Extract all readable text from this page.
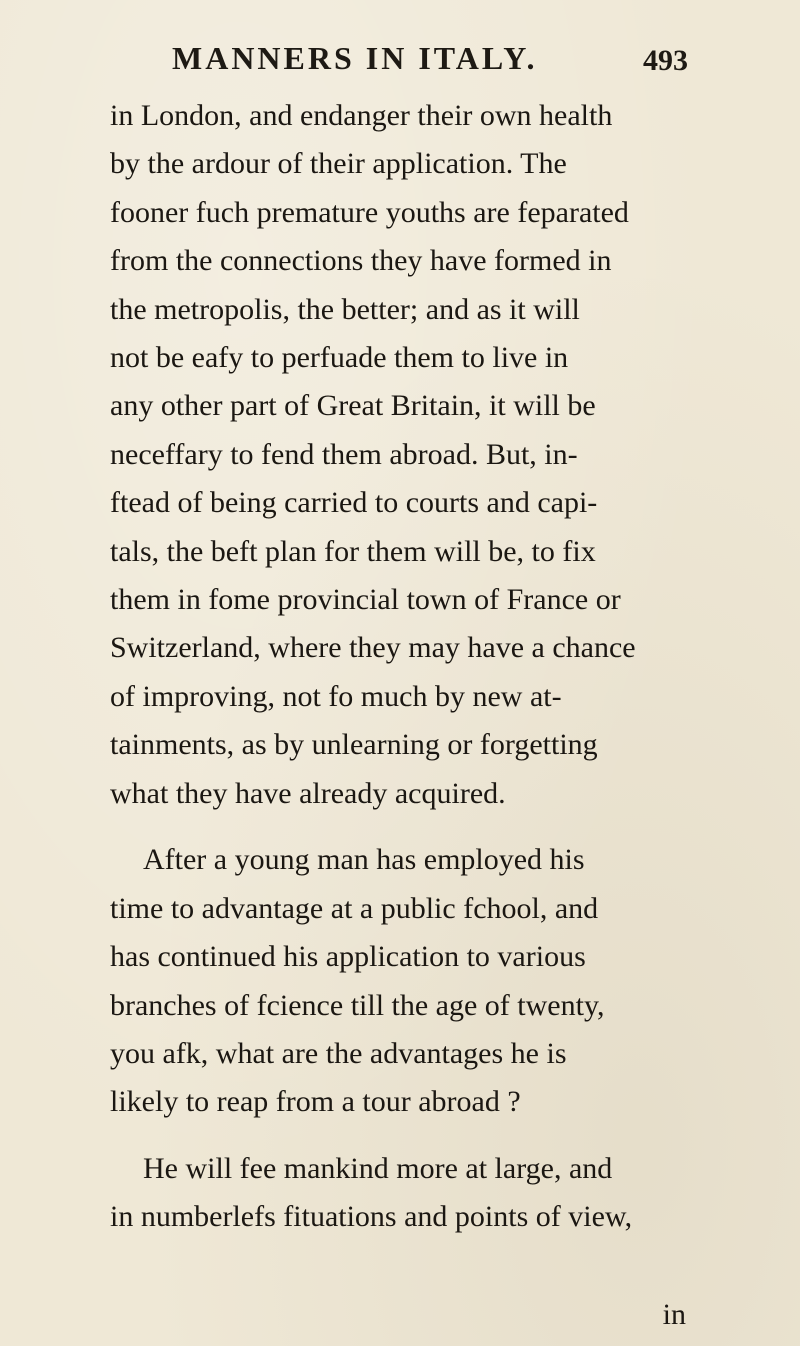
MANNERS IN ITALY.	493
in London, and endanger their own health
by the ardour of their application. The
fooner fuch premature youths are feparated
from the connections they have formed in
the metropolis, the better; and as it will
not be eafy to perfuade them to live in
any other part of Great Britain, it will be
neceffary to fend them abroad. But, in-
ftead of being carried to courts and capi-
tals, the beft plan for them will be, to fix
them in fome provincial town of France or
Switzerland, where they may have a chance
of improving, not fo much by new at-
tainments, as by unlearning or forgetting
what they have already acquired.
After a young man has employed his
time to advantage at a public fchool, and
has continued his application to various
branches of fcience till the age of twenty,
you afk, what are the advantages he is
likely to reap from a tour abroad ?
He will fee mankind more at large, and
in numberlefs fituations and points of view,
in
